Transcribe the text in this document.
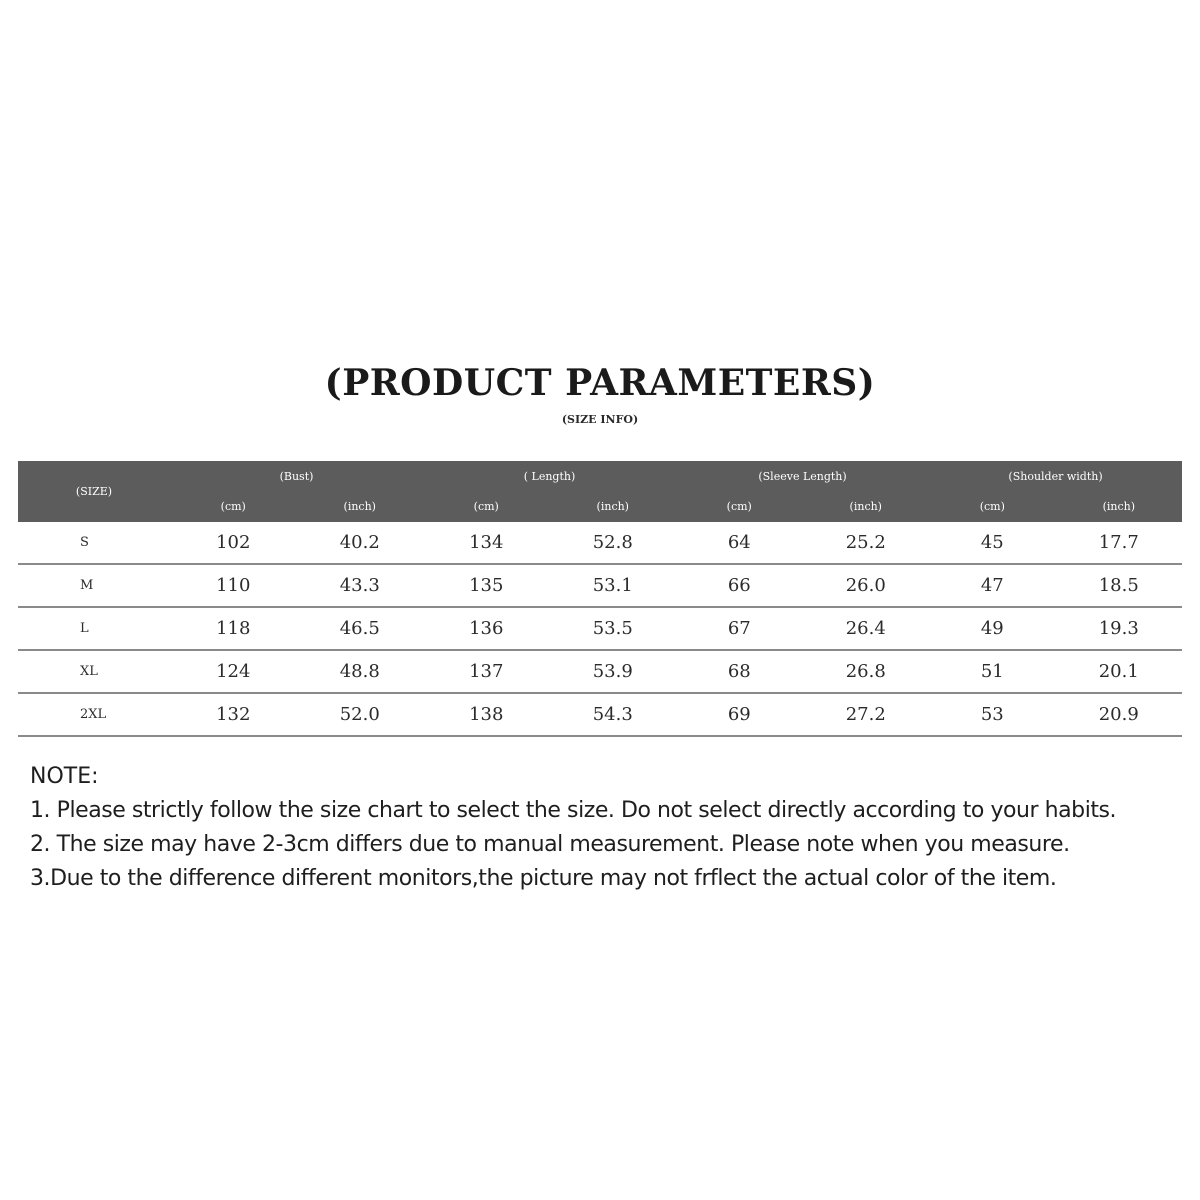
(PRODUCT PARAMETERS)
(SIZE INFO)
(SIZE)	(Bust)		( Length)		(Sleeve Length)		(Shoulder width)	
	(cm)	(inch)	(cm)	(inch)	(cm)	(inch)	(cm)	(inch)
S	102	40.2	134	52.8	64	25.2	45	17.7
M	110	43.3	135	53.1	66	26.0	47	18.5
L	118	46.5	136	53.5	67	26.4	49	19.3
XL	124	48.8	137	53.9	68	26.8	51	20.1
2XL	132	52.0	138	54.3	69	27.2	53	20.9

NOTE:

1. Please strictly follow the size chart to select the size. Do not select directly according to your habits.

2. The size may have 2-3cm differs due to manual measurement. Please note when you measure.

3.Due to the difference different monitors,the picture may not frflect the actual color of the item.
